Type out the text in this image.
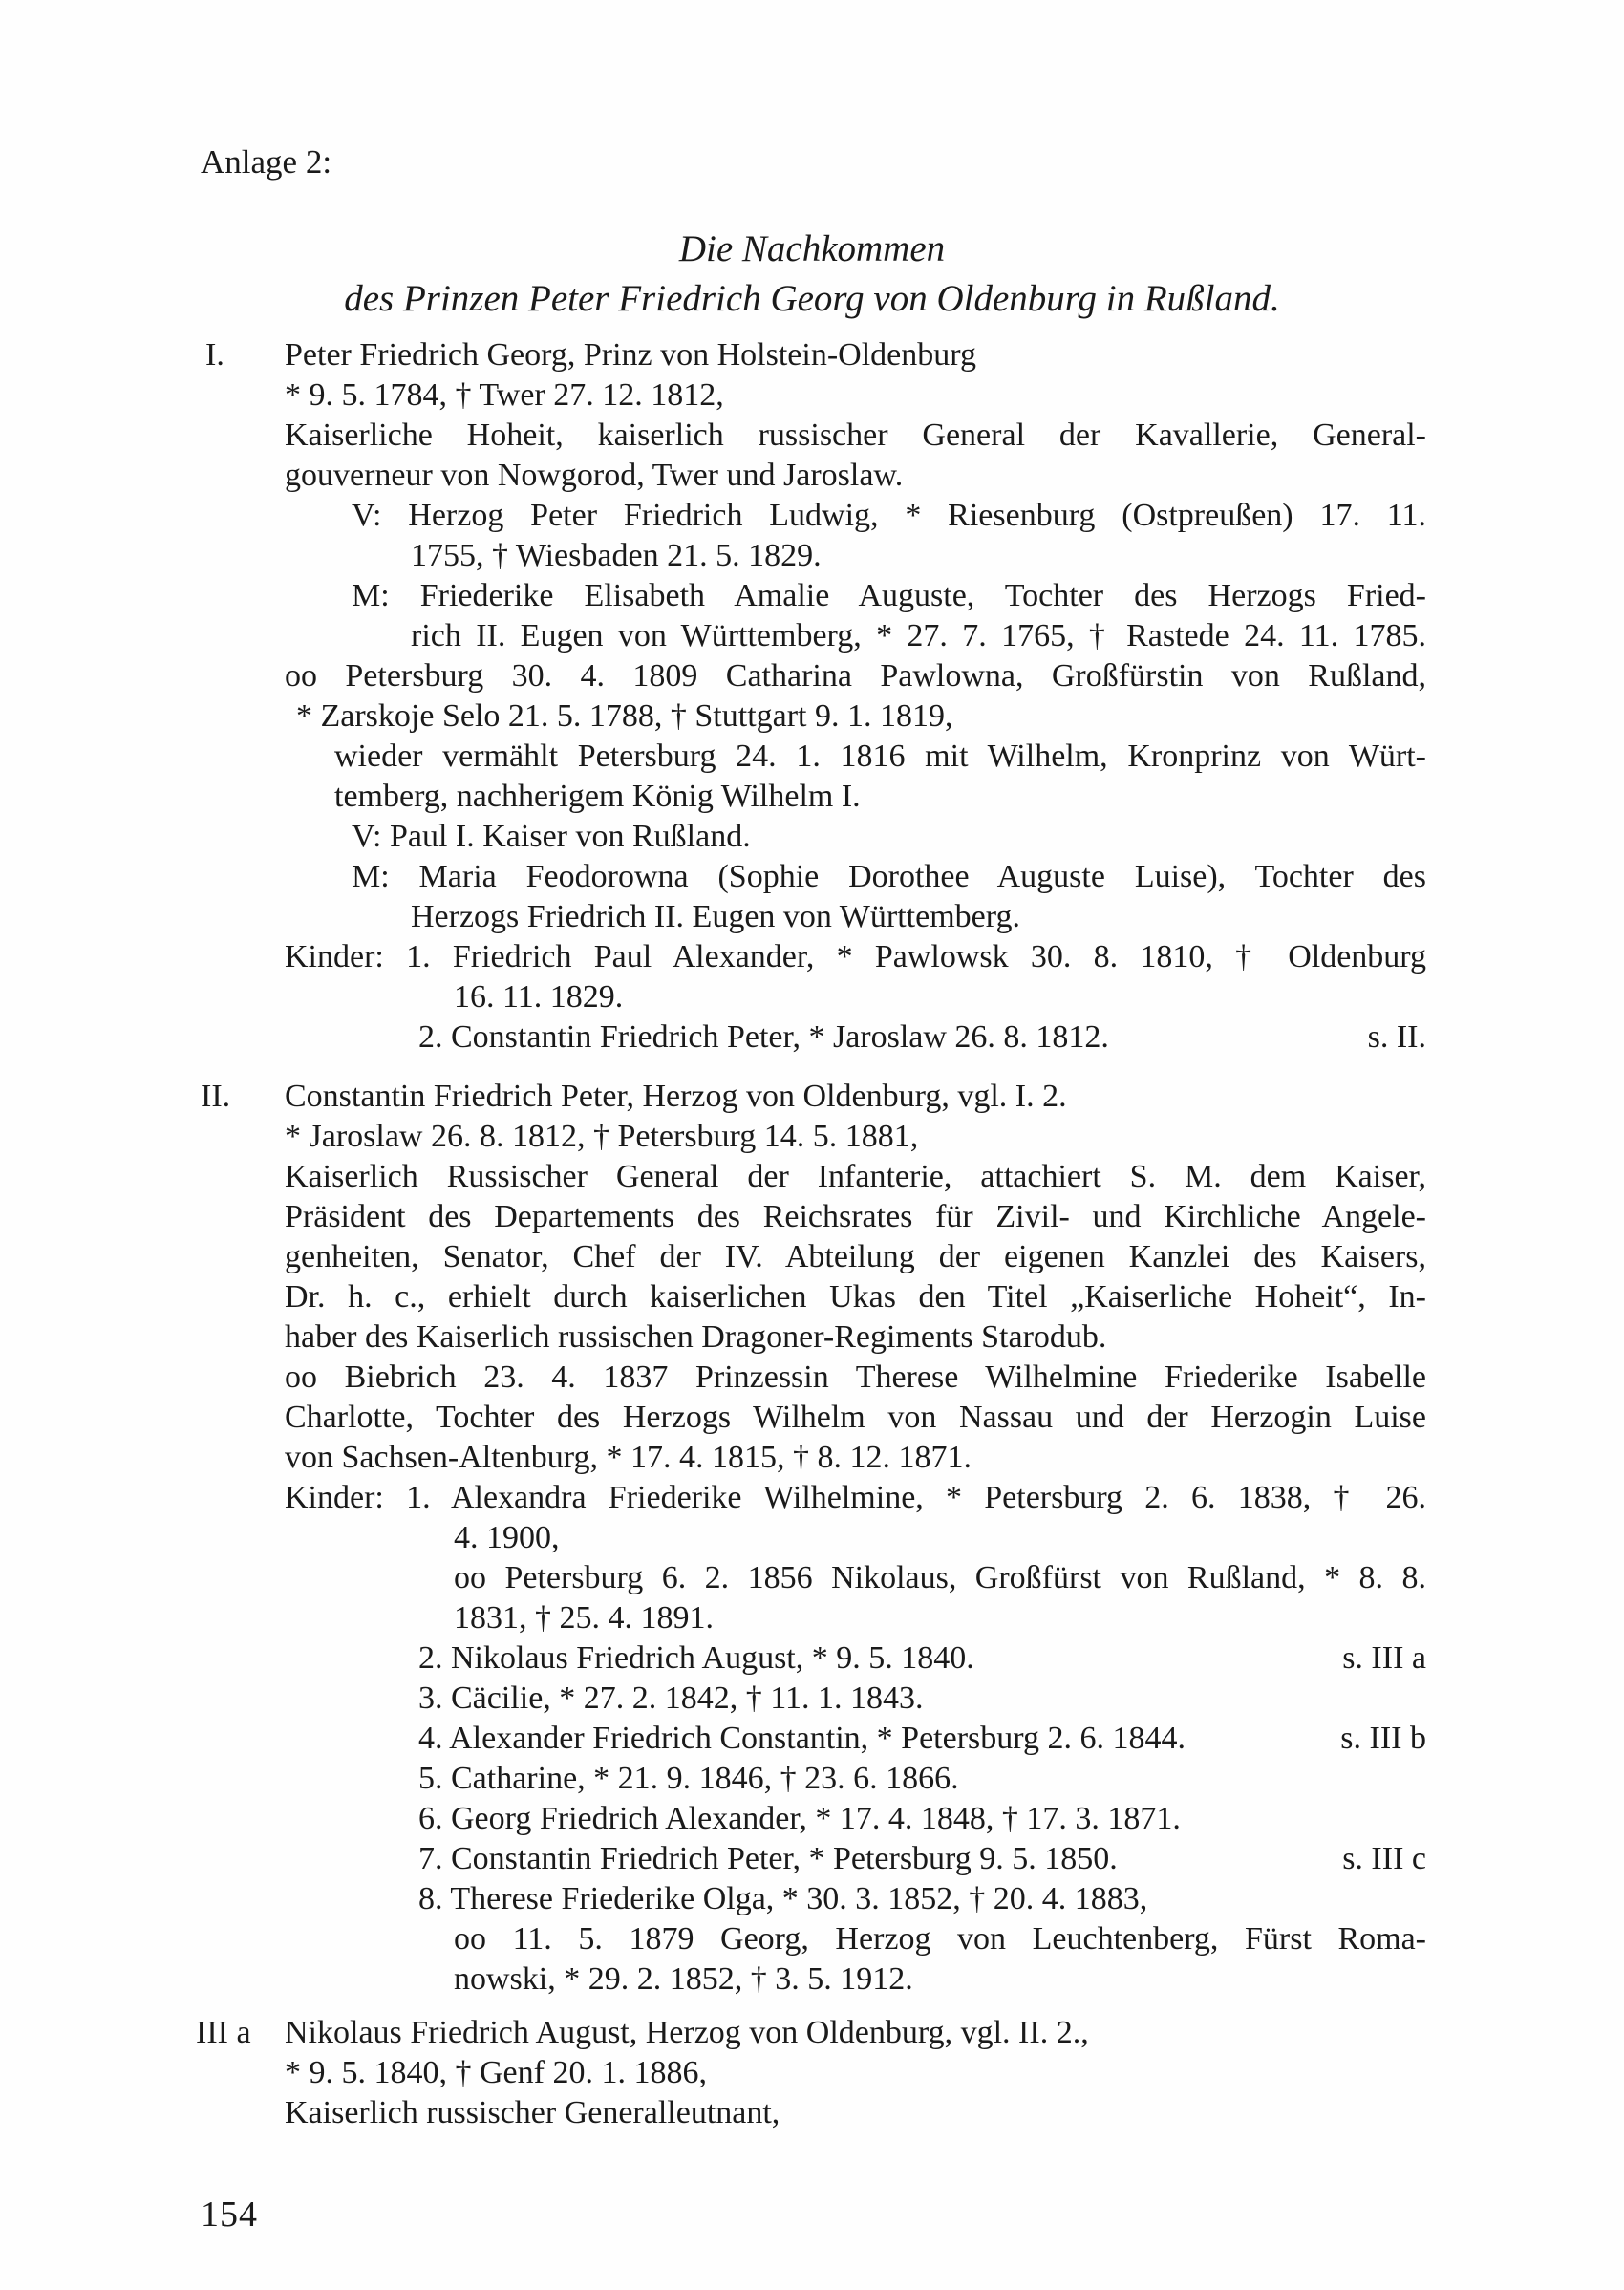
Anlage 2:
Die Nachkommen
des Prinzen Peter Friedrich Georg von Oldenburg in Rußland.
I. Peter Friedrich Georg, Prinz von Holstein-Oldenburg
* 9. 5. 1784, † Twer 27. 12. 1812,
Kaiserliche Hoheit, kaiserlich russischer General der Kavallerie, General-
gouverneur von Nowgorod, Twer und Jaroslaw.
V: Herzog Peter Friedrich Ludwig, * Riesenburg (Ostpreußen) 17. 11.
1755, † Wiesbaden 21. 5. 1829.
M: Friederike Elisabeth Amalie Auguste, Tochter des Herzogs Fried-
rich II. Eugen von Württemberg, * 27. 7. 1765, † Rastede 24. 11. 1785.
oo Petersburg 30. 4. 1809 Catharina Pawlowna, Großfürstin von Rußland,
* Zarskoje Selo 21. 5. 1788, † Stuttgart 9. 1. 1819,
wieder vermählt Petersburg 24. 1. 1816 mit Wilhelm, Kronprinz von Würt-
temberg, nachherigem König Wilhelm I.
V: Paul I. Kaiser von Rußland.
M: Maria Feodorowna (Sophie Dorothee Auguste Luise), Tochter des
Herzogs Friedrich II. Eugen von Württemberg.
Kinder: 1. Friedrich Paul Alexander, * Pawlowsk 30. 8. 1810, † Oldenburg
16. 11. 1829.
2. Constantin Friedrich Peter, * Jaroslaw 26. 8. 1812.	s. II.
II. Constantin Friedrich Peter, Herzog von Oldenburg, vgl. I. 2.
* Jaroslaw 26. 8. 1812, † Petersburg 14. 5. 1881,
Kaiserlich Russischer General der Infanterie, attachiert S. M. dem Kaiser,
Präsident des Departements des Reichsrates für Zivil- und Kirchliche Angele-
genheiten, Senator, Chef der IV. Abteilung der eigenen Kanzlei des Kaisers,
Dr. h. c., erhielt durch kaiserlichen Ukas den Titel „Kaiserliche Hoheit“, In-
haber des Kaiserlich russischen Dragoner-Regiments Starodub.
oo Biebrich 23. 4. 1837 Prinzessin Therese Wilhelmine Friederike Isabelle
Charlotte, Tochter des Herzogs Wilhelm von Nassau und der Herzogin Luise
von Sachsen-Altenburg, * 17. 4. 1815, † 8. 12. 1871.
Kinder: 1. Alexandra Friederike Wilhelmine, * Petersburg 2. 6. 1838, † 26.
4. 1900,
oo Petersburg 6. 2. 1856 Nikolaus, Großfürst von Rußland, * 8. 8.
1831, † 25. 4. 1891.
2. Nikolaus Friedrich August, * 9. 5. 1840.	s. III a
3. Cäcilie, * 27. 2. 1842, † 11. 1. 1843.
4. Alexander Friedrich Constantin, * Petersburg 2. 6. 1844.	s. III b
5. Catharine, * 21. 9. 1846, † 23. 6. 1866.
6. Georg Friedrich Alexander, * 17. 4. 1848, † 17. 3. 1871.
7. Constantin Friedrich Peter, * Petersburg 9. 5. 1850.	s. III c
8. Therese Friederike Olga, * 30. 3. 1852, † 20. 4. 1883,
oo 11. 5. 1879 Georg, Herzog von Leuchtenberg, Fürst Roma-
nowski, * 29. 2. 1852, † 3. 5. 1912.
III a Nikolaus Friedrich August, Herzog von Oldenburg, vgl. II. 2.,
* 9. 5. 1840, † Genf 20. 1. 1886,
Kaiserlich russischer Generalleutnant,
154
